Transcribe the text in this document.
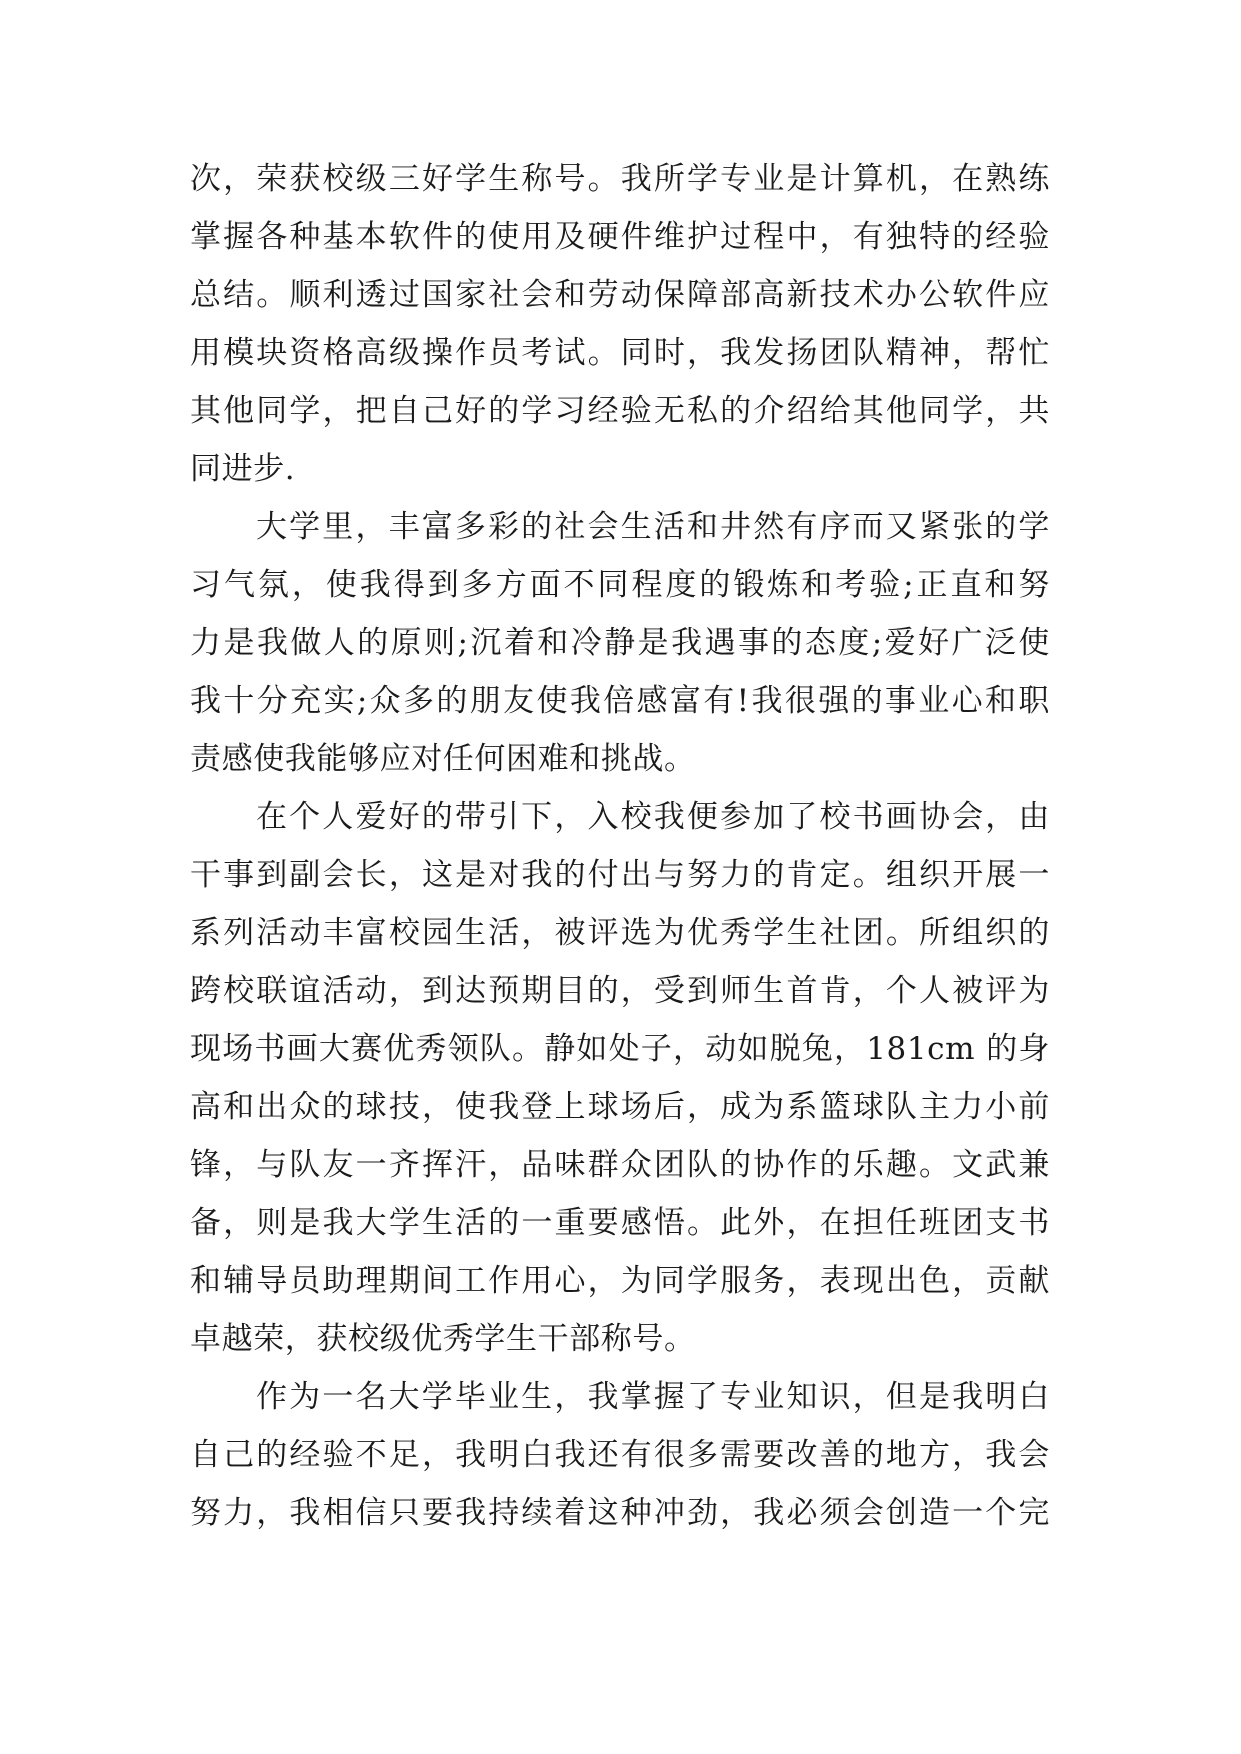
次，荣获校级三好学生称号。我所学专业是计算机，在熟练
掌握各种基本软件的使用及硬件维护过程中，有独特的经验
总结。顺利透过国家社会和劳动保障部高新技术办公软件应
用模块资格高级操作员考试。同时，我发扬团队精神，帮忙
其他同学，把自己好的学习经验无私的介绍给其他同学，共
同进步.
大学里，丰富多彩的社会生活和井然有序而又紧张的学
习气氛，使我得到多方面不同程度的锻炼和考验;正直和努
力是我做人的原则;沉着和冷静是我遇事的态度;爱好广泛使
我十分充实;众多的朋友使我倍感富有!我很强的事业心和职
责感使我能够应对任何困难和挑战。
在个人爱好的带引下，入校我便参加了校书画协会，由
干事到副会长，这是对我的付出与努力的肯定。组织开展一
系列活动丰富校园生活，被评选为优秀学生社团。所组织的
跨校联谊活动，到达预期目的，受到师生首肯，个人被评为
现场书画大赛优秀领队。静如处子，动如脱兔，181cm 的身
高和出众的球技，使我登上球场后，成为系篮球队主力小前
锋，与队友一齐挥汗，品味群众团队的协作的乐趣。文武兼
备，则是我大学生活的一重要感悟。此外，在担任班团支书
和辅导员助理期间工作用心，为同学服务，表现出色，贡献
卓越荣，获校级优秀学生干部称号。
作为一名大学毕业生，我掌握了专业知识，但是我明白
自己的经验不足，我明白我还有很多需要改善的地方，我会
努力，我相信只要我持续着这种冲劲，我必须会创造一个完
